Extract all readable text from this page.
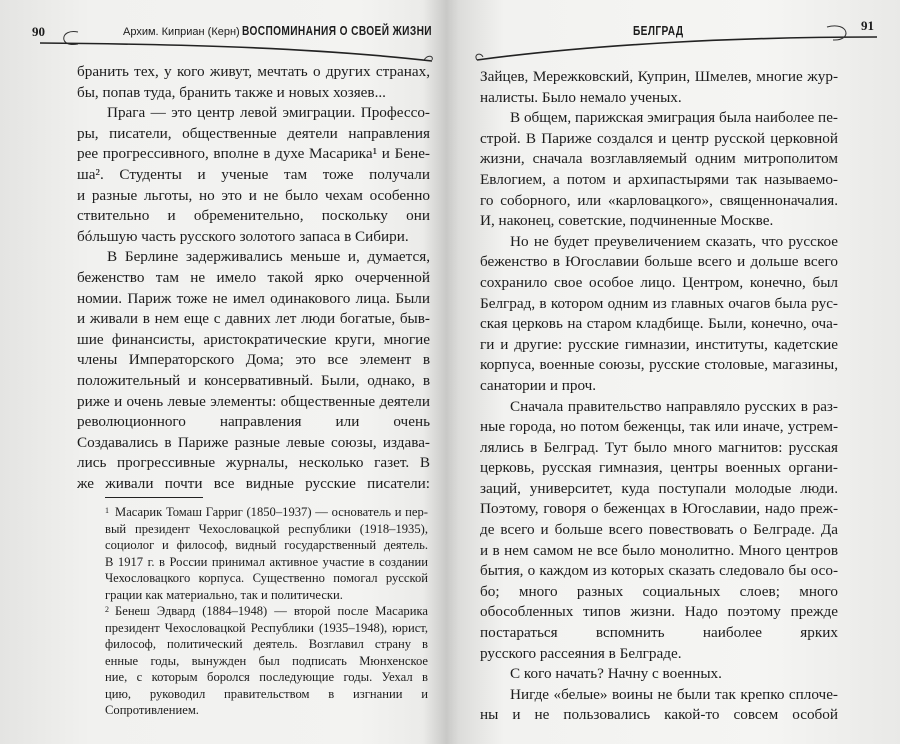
90	Архим. Киприан (Керн) ВОСПОМИНАНИЯ О СВОЕЙ ЖИЗНИ
бранить тех, у кого живут, мечтать о других странах,
бы, попав туда, бранить также и новых хозяев...
Прага — это центр левой эмиграции. Профессо-
ры, писатели, общественные деятели направления
рее прогрессивного, вполне в духе Масарика¹ и Бене-
ша². Студенты и ученые там тоже получали
и разные льготы, но это и не было чехам особенно
ствительно и обременительно, поскольку они
бóльшую часть русского золотого запаса в Сибири.
В Берлине задерживались меньше и, думается,
беженство там не имело такой ярко очерченной
номии. Париж тоже не имел одинакового лица. Были
и живали в нем еще с давних лет люди богатые, быв-
шие финансисты, аристократические круги, многие
члены Императорского Дома; это все элемент в
положительный и консервативный. Были, однако, в
риже и очень левые элементы: общественные деятели
революционного направления или очень
Создавались в Париже разные левые союзы, издава-
лись прогрессивные журналы, несколько газет. В
же живали почти все видные русские писатели:
$^1$ Масарик Томаш Гарриг (1850–1937) — основатель и пер-
вый президент Чехословацкой республики (1918–1935),
социолог и философ, видный государственный деятель.
В 1917 г. в России принимал активное участие в создании
Чехословацкого корпуса. Существенно помогал русской
грации как материально, так и политически.
$^2$ Бенеш Эдвард (1884–1948) — второй после Масарика
президент Чехословацкой Республики (1935–1948), юрист,
философ, политический деятель. Возглавил страну в
енные годы, вынужден был подписать Мюнхенское
ние, с которым боролся последующие годы. Уехал в
цию, руководил правительством в изгнании и
Сопротивлением.
БЕЛГРАД	91
Зайцев, Мережковский, Куприн, Шмелев, многие жур-
налисты. Было немало ученых.
В общем, парижская эмиграция была наиболее пе-
строй. В Париже создался и центр русской церковной
жизни, сначала возглавляемый одним митрополитом
Евлогием, а потом и архипастырями так называемо-
го соборного, или «карловацкого», священноначалия.
И, наконец, советские, подчиненные Москве.
Но не будет преувеличением сказать, что русское
беженство в Югославии больше всего и дольше всего
сохранило свое особое лицо. Центром, конечно, был
Белград, в котором одним из главных очагов была рус-
ская церковь на старом кладбище. Были, конечно, оча-
ги и другие: русские гимназии, институты, кадетские
корпуса, военные союзы, русские столовые, магазины,
санатории и проч.
Сначала правительство направляло русских в раз-
ные города, но потом беженцы, так или иначе, устрем-
лялись в Белград. Тут было много магнитов: русская
церковь, русская гимназия, центры военных органи-
заций, университет, куда поступали молодые люди.
Поэтому, говоря о беженцах в Югославии, надо преж-
де всего и больше всего повествовать о Белграде. Да
и в нем самом не все было монолитно. Много центров
бытия, о каждом из которых сказать следовало бы осо-
бо; много разных социальных слоев; много
обособленных типов жизни. Надо поэтому прежде
постараться вспомнить наиболее ярких
русского рассеяния в Белграде.
С кого начать? Начну с военных.
Нигде «белые» воины не были так крепко сплоче-
ны и не пользовались какой-то совсем особой
